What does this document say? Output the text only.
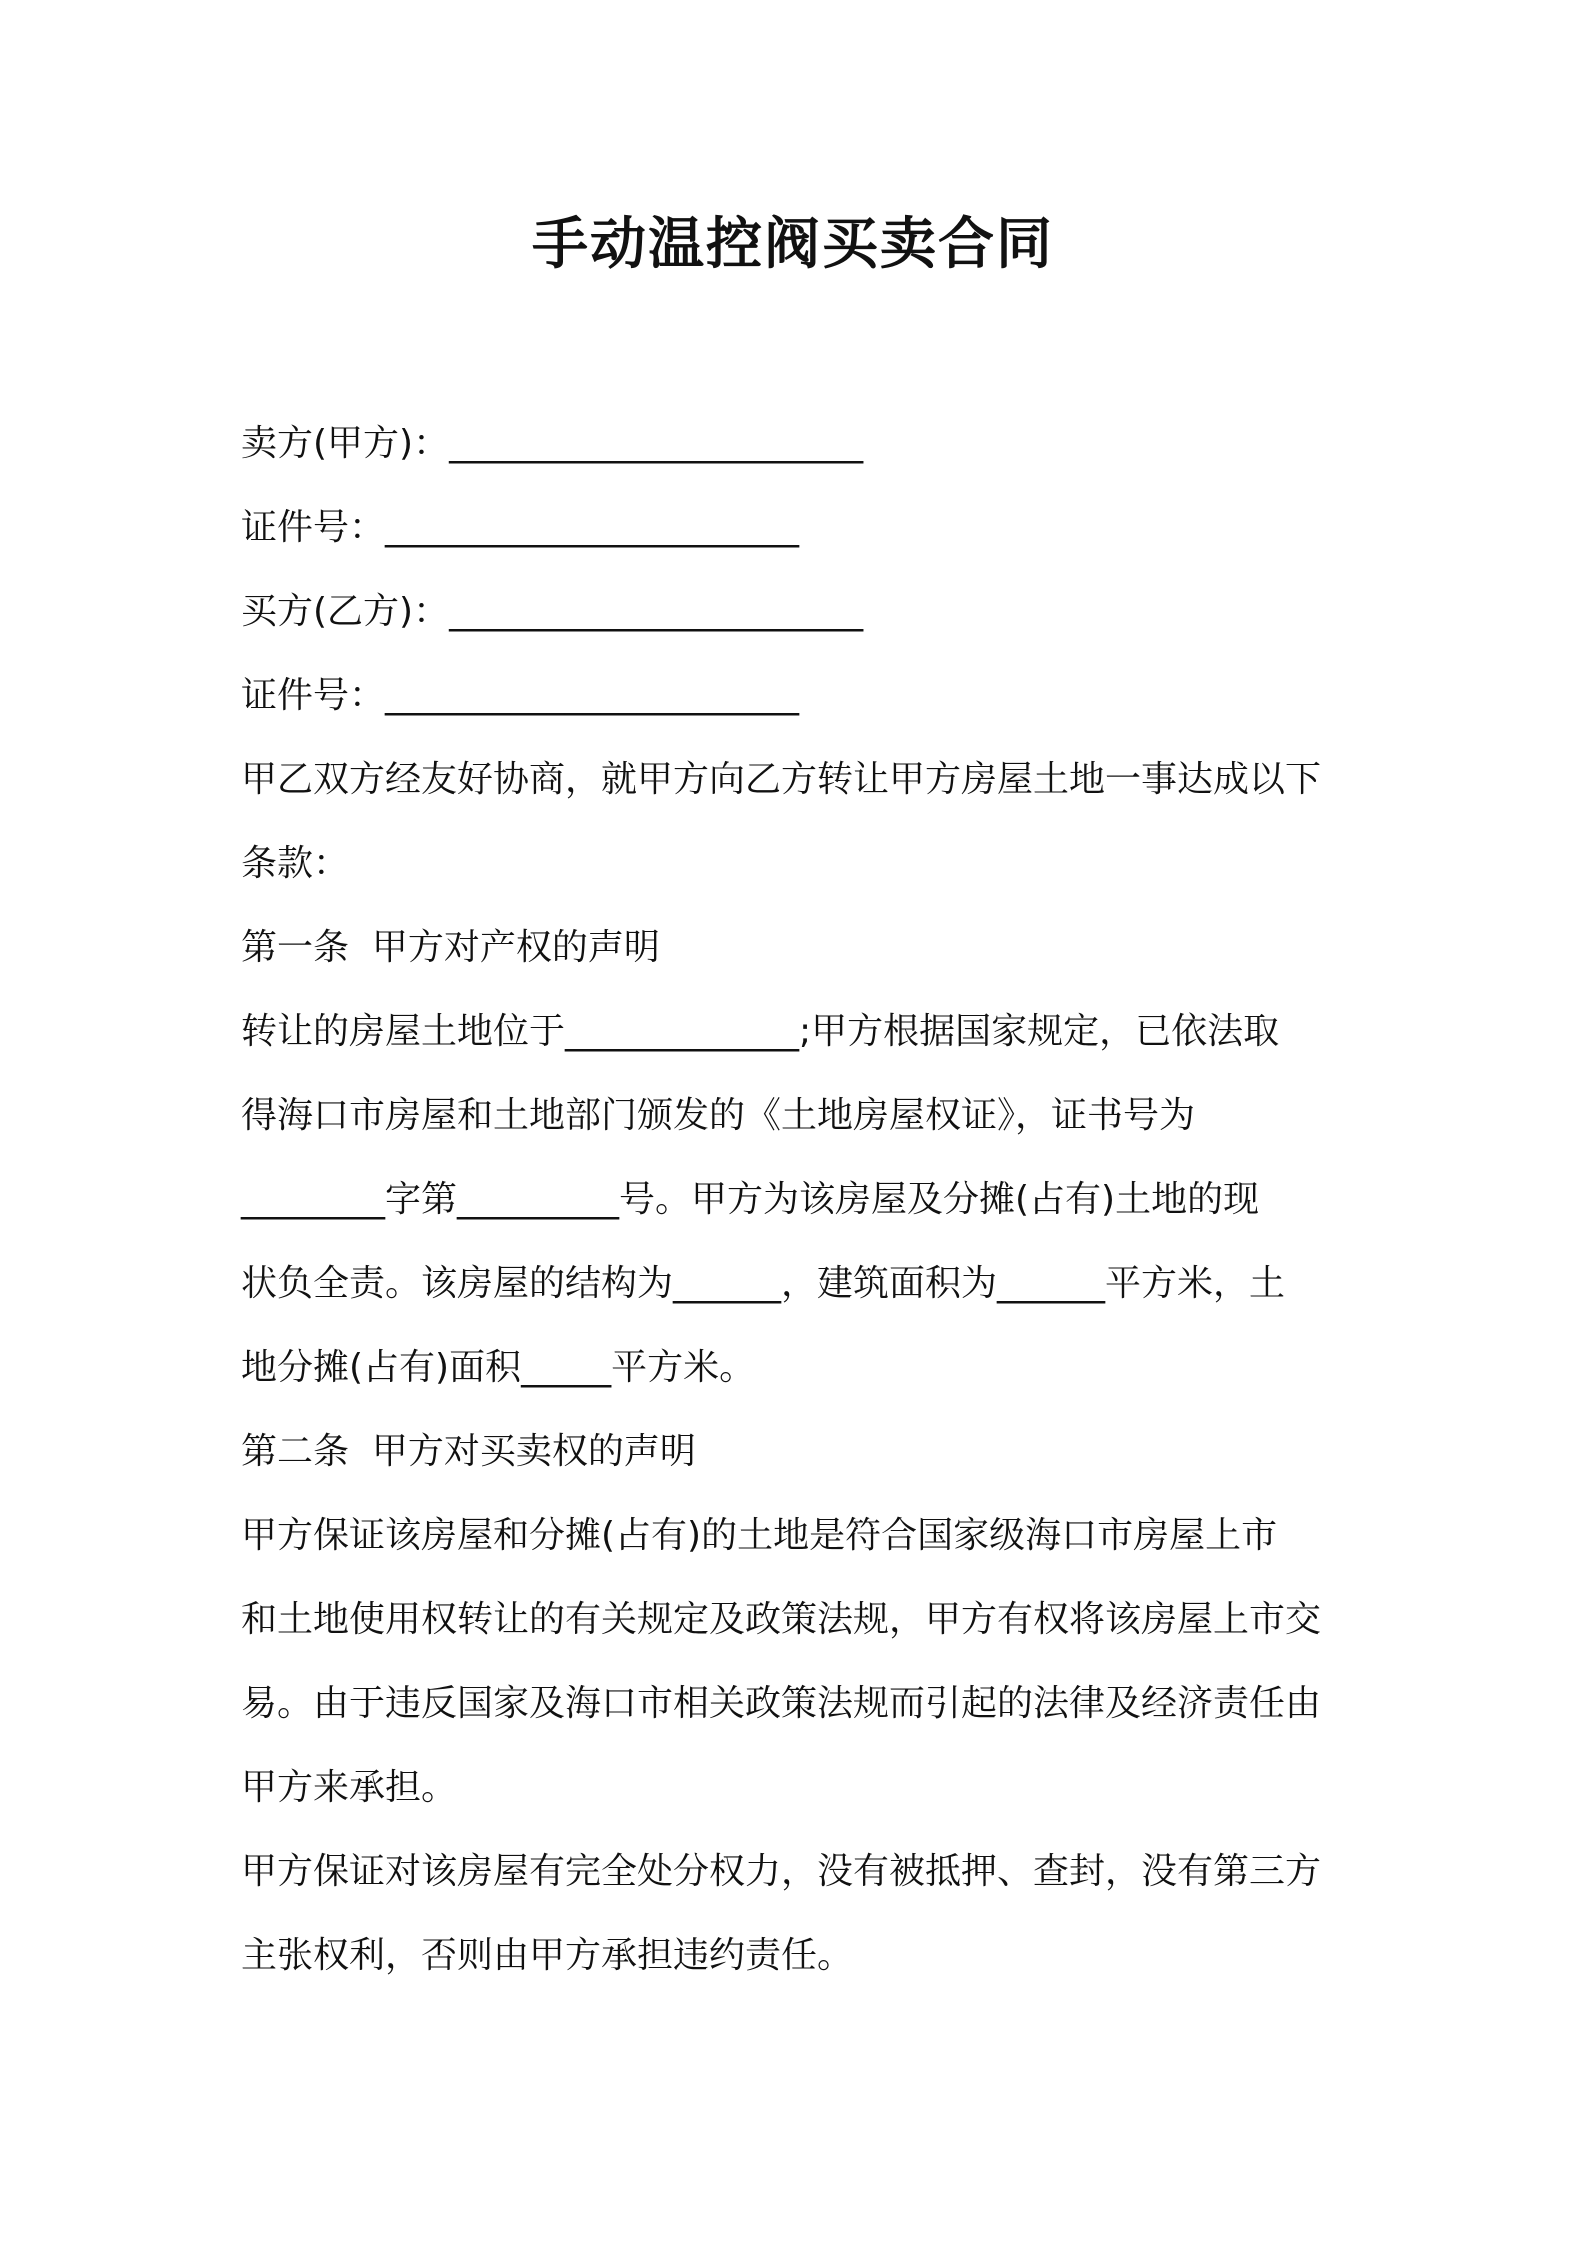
手动温控阀买卖合同
卖方(甲方)：_______________________
证件号：_______________________
买方(乙方)：_______________________
证件号：_______________________
甲乙双方经友好协商，就甲方向乙方转让甲方房屋土地一事达成以下
条款：
第一条  甲方对产权的声明
转让的房屋土地位于_____________;甲方根据国家规定，已依法取
得海口市房屋和土地部门颁发的《土地房屋权证》，证书号为
________字第_________号。甲方为该房屋及分摊(占有)土地的现
状负全责。该房屋的结构为______，建筑面积为______平方米，土
地分摊(占有)面积_____平方米。
第二条  甲方对买卖权的声明
甲方保证该房屋和分摊(占有)的土地是符合国家级海口市房屋上市
和土地使用权转让的有关规定及政策法规，甲方有权将该房屋上市交
易。由于违反国家及海口市相关政策法规而引起的法律及经济责任由
甲方来承担。
甲方保证对该房屋有完全处分权力，没有被抵押、查封，没有第三方
主张权利，否则由甲方承担违约责任。
